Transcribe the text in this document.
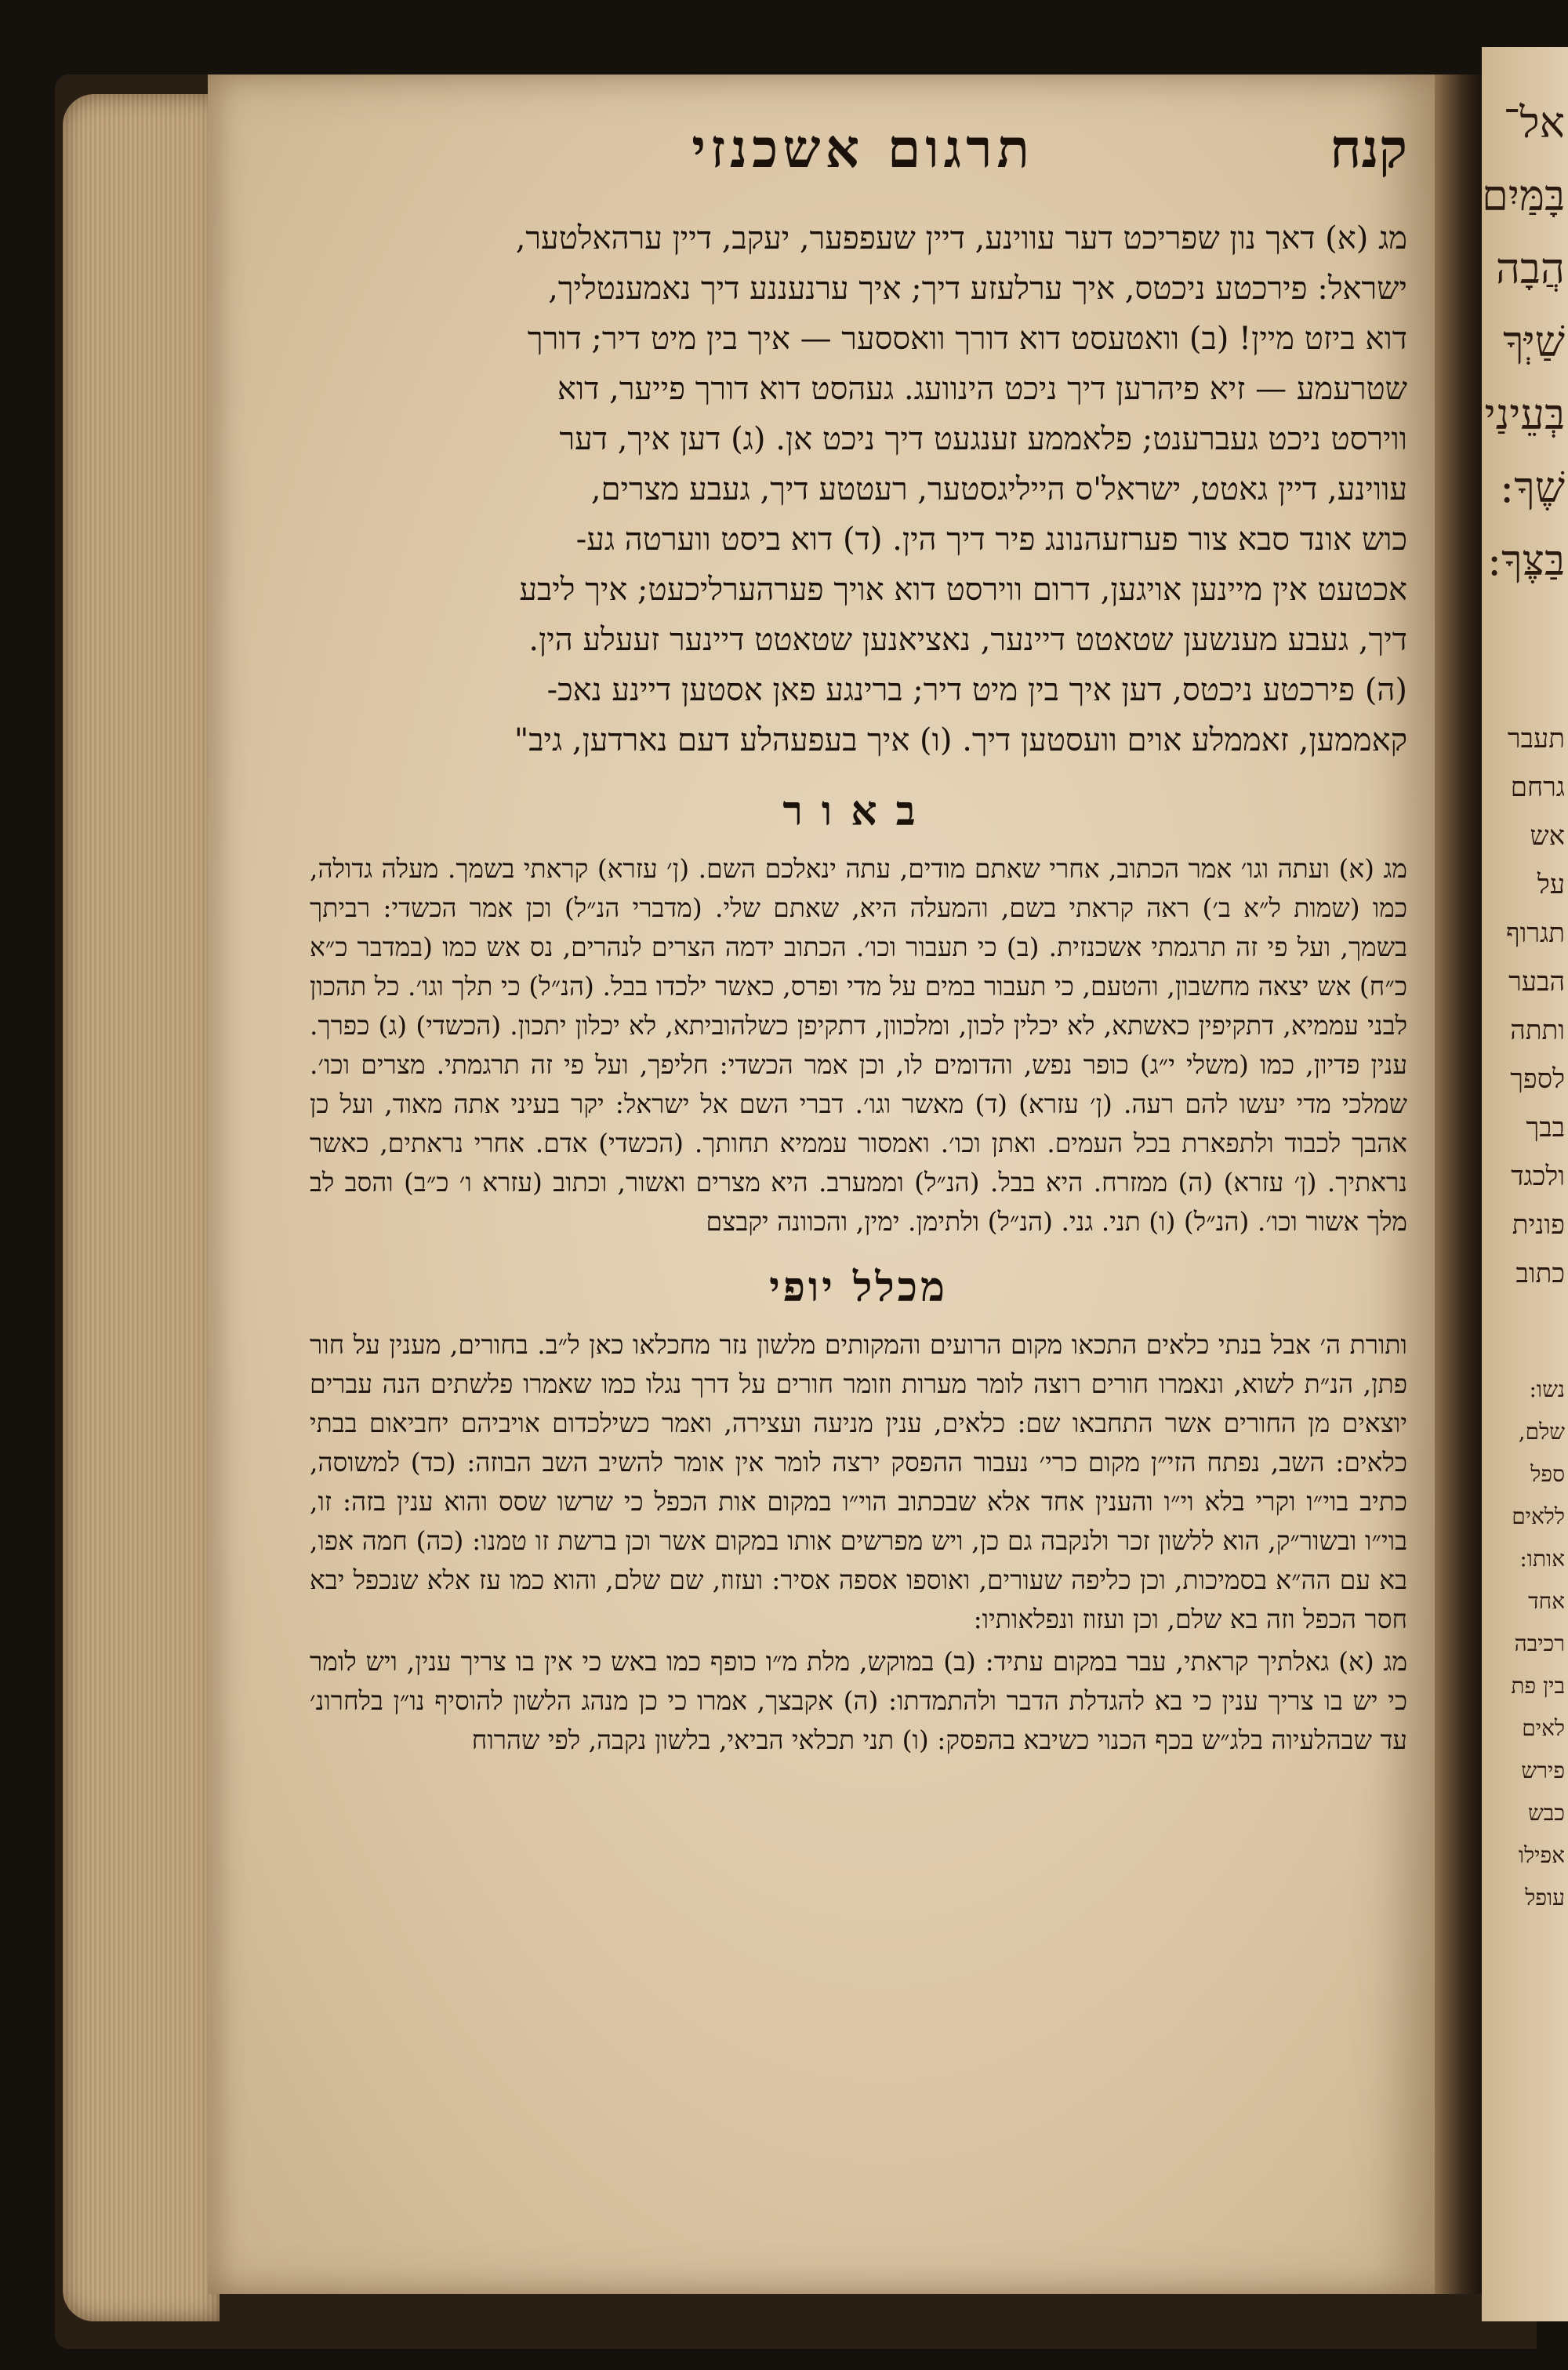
אל־
בָּמַּיִם
הֲבָה
שַׁיְּךָ
בְּעֵינַי
שֶׁךָ:
בַּצֶּךָ:
תעבר
גרחם
אש
על
תגרוף
הבער
ותתה
לספך
בבך
ולכגד
פונית
כתוב
נשו:
שלם,
ספל
ללאים
אותו:
אחד
רכיבה
בין פת
לאים
פירש
כבש
אפילו
עופל
קנח
תרגום אשכנזי

מג (א) דאך נון שפריכט דער עווינע, דיין שעפפער, יעקב, דיין ערהאלטער,

ישראל: פירכטע ניכטס, איך ערלעזע דיך; איך ערנעננע דיך נאמענטליך,

דוא ביזט מיין! (ב) וואטעסט דוא דורך וואססער — איך בין מיט דיר; דורך

שטרעמע — זיא פיהרען דיך ניכט הינוועג. געהסט דוא דורך פייער, דוא

ווירסט ניכט געברענט; פלאממע זענגעט דיך ניכט אן. (ג) דען איך, דער

עווינע, דיין גאטט, ישראל'ס הייליגסטער, רעטטע דיך, געבע מצרים,

כוש אונד סבא צור פערזעהנונג פיר דיך הין. (ד) דוא ביסט ווערטה גע-

אכטעט אין מיינען אויגען, דרום ווירסט דוא אויך פערהערליכעט; איך ליבע

דיך, געבע מענשען שטאטט דיינער, נאציאנען שטאטט דיינער זעעלע הין.

(ה) פירכטע ניכטס, דען איך בין מיט דיר; ברינגע פאן אסטען דיינע נאכ-

קאממען, זאממלע אוים וועסטען דיך. (ו) איך בעפעהלע דעם נארדען, גיב"

באור

מג (א) ועתה וגו׳ אמר הכתוב, אחרי שאתם מודים, עתה ינאלכם השם. (ן׳ עזרא) קראתי בשמך. מעלה גדולה, כמו (שמות ל״א ב׳) ראה קראתי בשם, והמעלה היא, שאתם שלי. (מדברי הנ״ל) וכן אמר הכשדי: רביתך בשמך, ועל פי זה תרגמתי אשכנזית. (ב) כי תעבור וכו׳. הכתוב ידמה הצרים לנהרים, נס אש כמו (במדבר כ״א כ״ח) אש יצאה מחשבון, והטעם, כי תעבור במים על מדי ופרס, כאשר ילכדו בבל. (הנ״ל) כי תלך וגו׳. כל תהכון לבני עממיא, דתקיפין כאשתא, לא יכלין לכון, ומלכוון, דתקיפן כשלהוביתא, לא יכלון יתכון. (הכשדי) (ג) כפרך. ענין פדיון, כמו (משלי י״ג) כופר נפש, והדומים לו, וכן אמר הכשדי: חליפך, ועל פי זה תרגמתי. מצרים וכו׳. שמלכי מדי יעשו להם רעה. (ן׳ עזרא) (ד) מאשר וגו׳. דברי השם אל ישראל: יקר בעיני אתה מאוד, ועל כן אהבך לכבוד ולתפארת בכל העמים. ואתן וכו׳. ואמסור עממיא תחותך. (הכשדי) אדם. אחרי נראתים, כאשר נראתיך. (ן׳ עזרא) (ה) ממזרח. היא בבל. (הנ״ל) וממערב. היא מצרים ואשור, וכתוב (עזרא ו׳ כ״ב) והסב לב מלך אשור וכו׳. (הנ״ל) (ו) תני. גני. (הנ״ל) ולתימן. ימין, והכוונה יקבצם

מכלל יופי

ותורת ה׳ אבל בנתי כלאים התכאו מקום הרועים והמקותים מלשון נזר מחכלאו כאן ל״ב. בחורים, מענין על חור פתן, הנ״ת לשוא, ונאמרו חורים רוצה לומר מערות וזומר חורים על דרך נגלו כמו שאמרו פלשתים הנה עברים יוצאים מן החורים אשר התחבאו שם: כלאים, ענין מניעה ועצירה, ואמר כשילכדום אויביהם יחביאום בבתי כלאים: השב, נפתח הזי״ן מקום כרי׳ נעבור ההפסק ירצה לומר אין אומר להשיב השב הבוזה: (כד) למשוסה, כתיב בוי״ו וקרי בלא וי״ו והענין אחד אלא שבכתוב הוי״ו במקום אות הכפל כי שרשו שסס והוא ענין בזה: זו, בוי״ו ובשור״ק, הוא ללשון זכר ולנקבה גם כן, ויש מפרשים אותו במקום אשר וכן ברשת זו טמנו: (כה) חמה אפו, בא עם הה״א בסמיכות, וכן כליפה שעורים, ואוספו אספה אסיר: ועזוז, שם שלם, והוא כמו עז אלא שנכפל יבא חסר הכפל וזה בא שלם, וכן ועזוז ונפלאותיו:

מג (א) גאלתיך קראתי, עבר במקום עתיד: (ב) במוקש, מלת מ״ו כופף כמו באש כי אין בו צריך ענין, ויש לומר כי יש בו צריך ענין כי בא להגדלת הדבר ולהתמדתו: (ה) אקבצך, אמרו כי כן מנהג הלשון להוסיף נו״ן בלחרונ׳ עד שבהלעיוה בלג״ש בכף הכנוי כשיבא בהפסק: (ו) תני תכלאי הביאי, בלשון נקבה, לפי שהרוח
